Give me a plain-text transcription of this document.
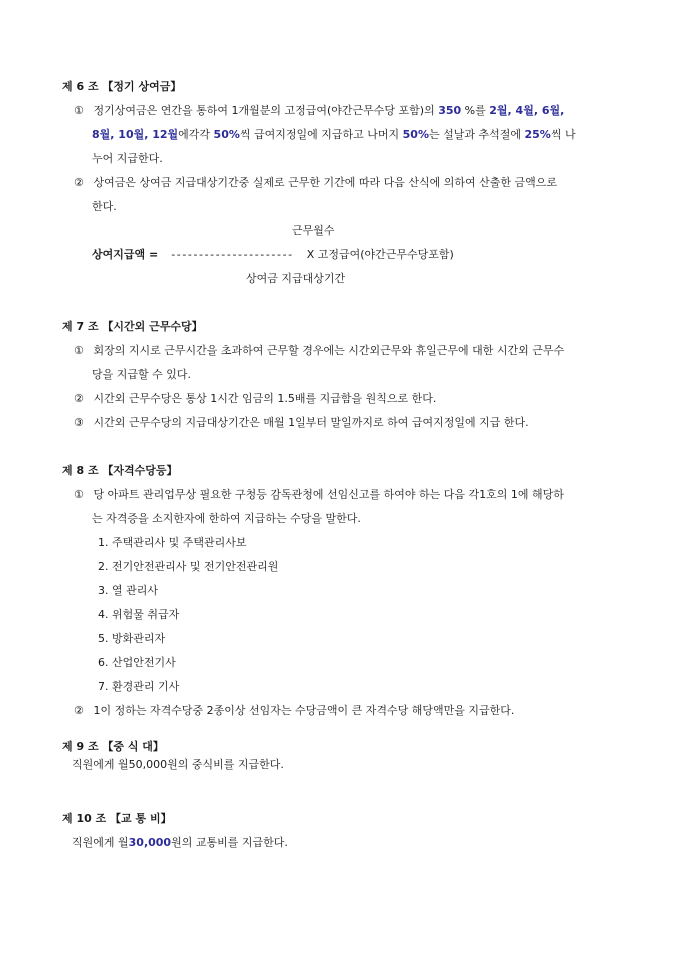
제 6 조 【정기 상여금】
① 정기상여금은 연간을 통하여 1개월분의 고정급여(야간근무수당 포함)의 350 %를 2월, 4월, 6월,
8월, 10월, 12월에각각 50%씩 급여지정일에 지급하고 나머지 50%는 설날과 추석절에 25%씩 나
누어 지급한다.
② 상여금은 상여금 지급대상기간중 실제로 근무한 기간에 따라 다음 산식에 의하여 산출한 금액으로
한다.
근무월수
상여지급액 = ---------------------- X 고정급여(야간근무수당포함)
상여금 지급대상기간
제 7 조 【시간외 근무수당】
① 회장의 지시로 근무시간을 초과하여 근무할 경우에는 시간외근무와 휴일근무에 대한 시간외 근무수
당을 지급할 수 있다.
② 시간외 근무수당은 통상 1시간 임금의 1.5배를 지급함을 원칙으로 한다.
③ 시간외 근무수당의 지급대상기간은 매월 1일부터 말일까지로 하여 급여지정일에 지급 한다.
제 8 조 【자격수당등】
① 당 아파트 관리업무상 필요한 구청등 감독관청에 선임신고를 하여야 하는 다음 각1호의 1에 해당하
는 자격증을 소지한자에 한하여 지급하는 수당을 말한다.
1. 주택관리사 및 주택관리사보
2. 전기안전관리사 및 전기안전관리원
3. 열 관리사
4. 위험물 취급자
5. 방화관리자
6. 산업안전기사
7. 환경관리 기사
② 1이 정하는 자격수당중 2종이상 선임자는 수당금액이 큰 자격수당 해당액만을 지급한다.
제 9 조 【중 식 대】
직원에게 월50,000원의 중식비를 지급한다.
제 10 조 【교 통 비】
직원에게 월30,000원의 교통비를 지급한다.
